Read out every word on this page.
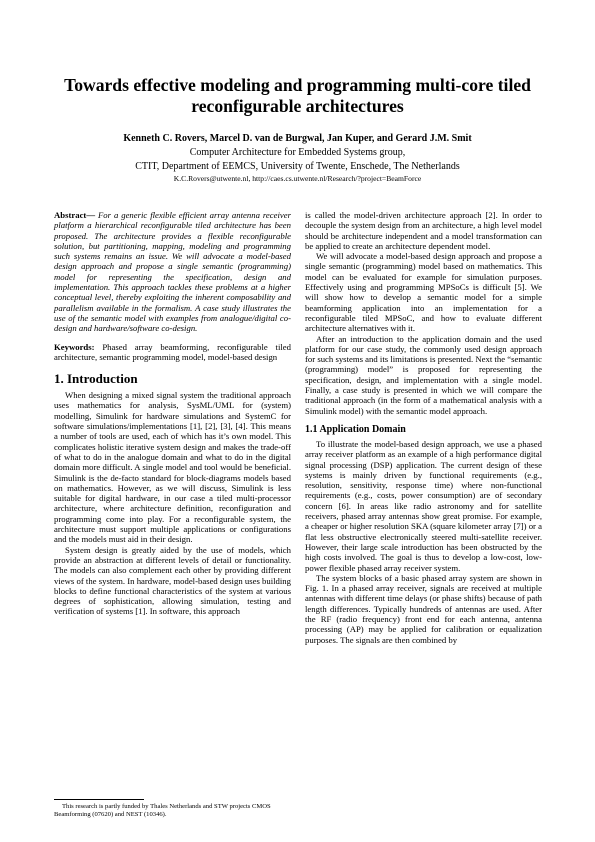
Towards effective modeling and programming multi-core tiled reconfigurable architectures

Kenneth C. Rovers, Marcel D. van de Burgwal, Jan Kuper, and Gerard J.M. Smit

Computer Architecture for Embedded Systems group,

CTIT, Department of EEMCS, University of Twente, Enschede, The Netherlands

K.C.Rovers@utwente.nl, http://caes.cs.utwente.nl/Research/?project=BeamForce

Abstract— For a generic flexible efficient array antenna receiver platform a hierarchical reconfigurable tiled architecture has been proposed. The architecture provides a flexible reconfigurable solution, but partitioning, mapping, modeling and programming such systems remains an issue. We will advocate a model-based design approach and propose a single semantic (programming) model for representing the specification, design and implementation. This approach tackles these problems at a higher conceptual level, thereby exploiting the inherent composability and parallelism available in the formalism. A case study illustrates the use of the semantic model with examples from analogue/digital co-design and hardware/software co-design.

Keywords: Phased array beamforming, reconfigurable tiled architecture, semantic programming model, model-based design

1. Introduction

When designing a mixed signal system the traditional approach uses mathematics for analysis, SysML/UML for (system) modelling, Simulink for hardware simulations and SystemC for software simulations/implementations [1], [2], [3], [4]. This means a number of tools are used, each of which has it’s own model. This complicates holistic iterative system design and makes the trade-off of what to do in the analogue domain and what to do in the digital domain more difficult. A single model and tool would be beneficial. Simulink is the de-facto standard for block-diagrams models based on mathematics. However, as we will discuss, Simulink is less suitable for digital hardware, in our case a tiled multi-processor architecture, where architecture definition, reconfiguration and programming come into play. For a reconfigurable system, the architecture must support multiple applications or configurations and the models must aid in their design.

System design is greatly aided by the use of models, which provide an abstraction at different levels of detail or functionality. The models can also complement each other by providing different views of the system. In hardware, model-based design uses building blocks to define functional characteristics of the system at various degrees of sophistication, allowing simulation, testing and verification of systems [1]. In software, this approach

is called the model-driven architecture approach [2]. In order to decouple the system design from an architecture, a high level model should be architecture independent and a model transformation can be applied to create an architecture dependent model.

We will advocate a model-based design approach and propose a single semantic (programming) model based on mathematics. This model can be evaluated for example for simulation purposes. Effectively using and programming MPSoCs is difficult [5]. We will show how to develop a semantic model for a simple beamforming application into an implementation for a reconfigurable tiled MPSoC, and how to evaluate different architecture alternatives with it.

After an introduction to the application domain and the used platform for our case study, the commonly used design approach for such systems and its limitations is presented. Next the “semantic (programming) model” is proposed for representing the specification, design, and implementation with a single model. Finally, a case study is presented in which we will compare the traditional approach (in the form of a mathematical analysis with a Simulink model) with the semantic model approach.

1.1 Application Domain

To illustrate the model-based design approach, we use a phased array receiver platform as an example of a high performance digital signal processing (DSP) application. The current design of these systems is mainly driven by functional requirements (e.g., resolution, sensitivity, response time) where non-functional requirements (e.g., costs, power consumption) are of secondary concern [6]. In areas like radio astronomy and for satellite receivers, phased array antennas show great promise. For example, a cheaper or higher resolution SKA (square kilometer array [7]) or a flat less obstructive electronically steered multi-satellite receiver. However, their large scale introduction has been obstructed by the high costs involved. The goal is thus to develop a low-cost, low-power flexible phased array receiver system.

The system blocks of a basic phased array system are shown in Fig. 1. In a phased array receiver, signals are received at multiple antennas with different time delays (or phase shifts) because of path length differences. Typically hundreds of antennas are used. After the RF (radio frequency) front end for each antenna, antenna processing (AP) may be applied for calibration or equalization purposes. The signals are then combined by

This research is partly funded by Thales Netherlands and STW projects CMOS Beamforming (07620) and NEST (10346).
